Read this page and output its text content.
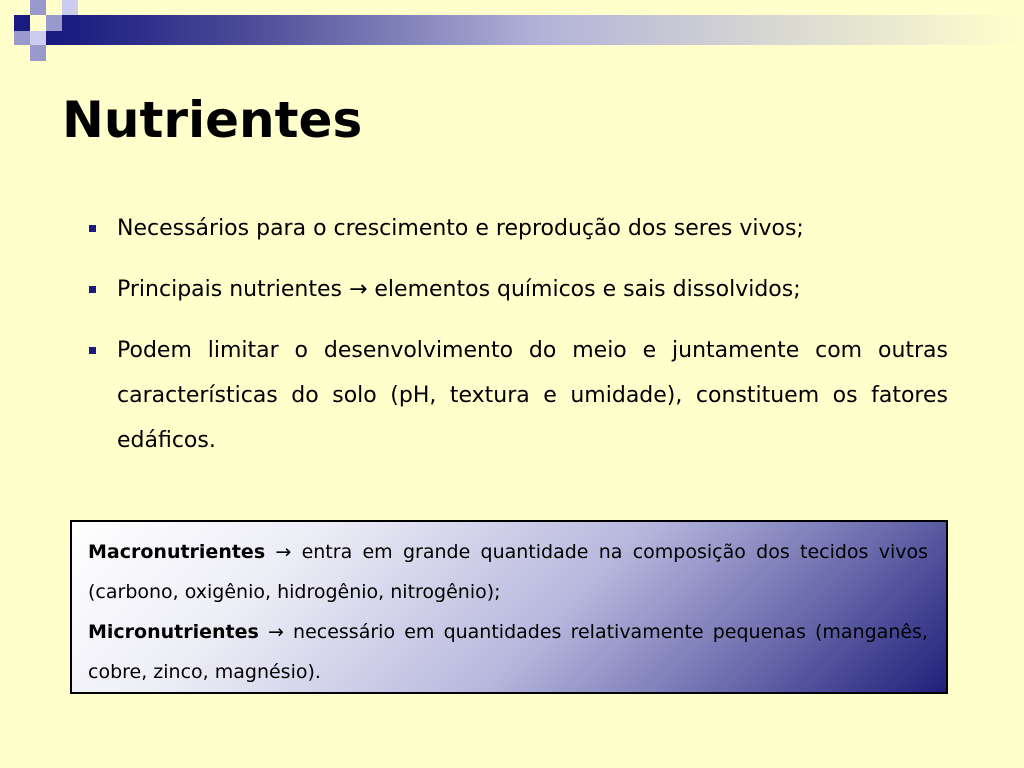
Nutrientes
Necessários para o crescimento e reprodução dos seres vivos;
Principais nutrientes → elementos químicos e sais dissolvidos;
Podem limitar o desenvolvimento do meio e juntamente com outras características do solo (pH, textura e umidade), constituem os fatores edáficos.

Macronutrientes → entra em grande quantidade na composição dos tecidos vivos (carbono, oxigênio, hidrogênio, nitrogênio);

Micronutrientes → necessário em quantidades relativamente pequenas (manganês, cobre, zinco, magnésio).
